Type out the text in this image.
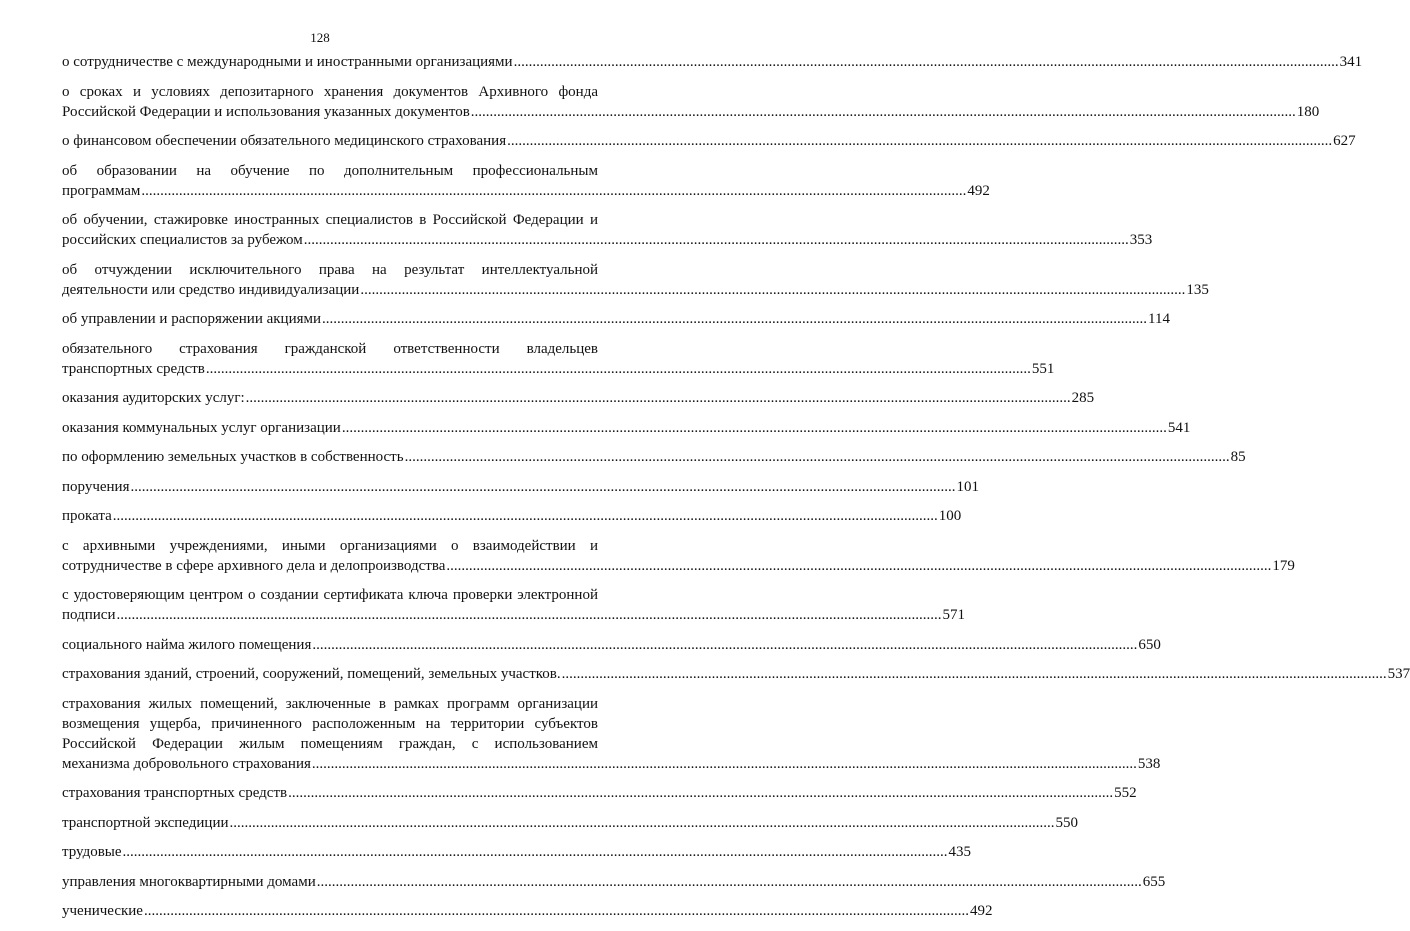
128
о сотрудничестве с международными и иностранными организациями ............................................................................................................................................................................................................................ 341
о сроках и условиях депозитарного хранения документов Архивного фонда
Российской Федерации и использования указанных документов ............................................................................................................................................................................................................................ 180
о финансовом обеспечении обязательного медицинского страхования ............................................................................................................................................................................................................................ 627
об образовании на обучение по дополнительным профессиональным
программам ............................................................................................................................................................................................................................ 492
об обучении, стажировке иностранных специалистов в Российской Федерации и
российских специалистов за рубежом ............................................................................................................................................................................................................................ 353
об отчуждении исключительного права на результат интеллектуальной
деятельности или средство индивидуализации ............................................................................................................................................................................................................................ 135
об управлении и распоряжении акциями ............................................................................................................................................................................................................................ 114
обязательного страхования гражданской ответственности владельцев
транспортных средств ............................................................................................................................................................................................................................ 551
оказания аудиторских услуг: ............................................................................................................................................................................................................................ 285
оказания коммунальных услуг организации ............................................................................................................................................................................................................................ 541
по оформлению земельных участков в собственность ............................................................................................................................................................................................................................ 85
поручения ............................................................................................................................................................................................................................ 101
проката ............................................................................................................................................................................................................................ 100
с архивными учреждениями, иными организациями о взаимодействии и
сотрудничестве в сфере архивного дела и делопроизводства ............................................................................................................................................................................................................................ 179
с удостоверяющим центром о создании сертификата ключа проверки электронной
подписи ............................................................................................................................................................................................................................ 571
социального найма жилого помещения ............................................................................................................................................................................................................................ 650
страхования зданий, строений, сооружений, помещений, земельных участков. ............................................................................................................................................................................................................................ 537
страхования жилых помещений, заключенные в рамках программ организации
возмещения ущерба, причиненного расположенным на территории субъектов
Российской Федерации жилым помещениям граждан, с использованием
механизма добровольного страхования ............................................................................................................................................................................................................................ 538
страхования транспортных средств ............................................................................................................................................................................................................................ 552
транспортной экспедиции ............................................................................................................................................................................................................................ 550
трудовые ............................................................................................................................................................................................................................ 435
управления многоквартирными домами ............................................................................................................................................................................................................................ 655
ученические ............................................................................................................................................................................................................................ 492
